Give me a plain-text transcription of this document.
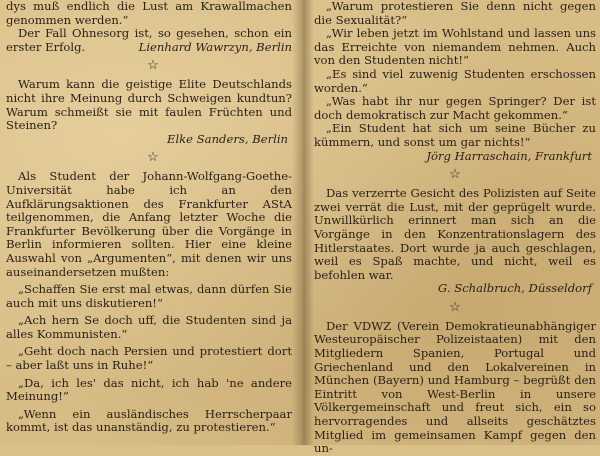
dys muß endlich die Lust am Krawallmachen genommen werden.“

Der Fall Ohnesorg ist, so gesehen, schon ein erster Erfolg.	Lienhard Wawrzyn, Berlin

☆

Warum kann die geistige Elite Deutschlands nicht ihre Meinung durch Schweigen kundtun? Warum schmeißt sie mit faulen Früchten und Steinen?

Elke Sanders, Berlin

☆

Als Student der Johann-Wolfgang-Goethe-Universität habe ich an den Aufklärungsaktionen des Frankfurter AStA teilgenommen, die Anfang letzter Woche die Frankfurter Bevölkerung über die Vorgänge in Berlin informieren sollten. Hier eine kleine Auswahl von „Argumenten“, mit denen wir uns auseinandersetzen mußten:

„Schaffen Sie erst mal etwas, dann dürfen Sie auch mit uns diskutieren!“

„Ach hern Se doch uff, die Studenten sind ja alles Kommunisten.“

„Geht doch nach Persien und protestiert dort – aber laßt uns in Ruhe!“

„Da, ich les' das nicht, ich hab 'ne andere Meinung!“

„Wenn ein ausländisches Herrscherpaar kommt, ist das unanständig, zu protestieren.“

„Warum protestieren Sie denn nicht gegen die Sexualität?“

„Wir leben jetzt im Wohlstand und lassen uns das Erreichte von niemandem nehmen. Auch von den Studenten nicht!“

„Es sind viel zuwenig Studenten erschossen worden.“

„Was habt ihr nur gegen Springer? Der ist doch demokratisch zur Macht gekommen.“

„Ein Student hat sich um seine Bücher zu kümmern, und sonst um gar nichts!“

Jörg Harraschain, Frankfurt

☆

Das verzerrte Gesicht des Polizisten auf Seite zwei verrät die Lust, mit der geprügelt wurde. Unwillkürlich erinnert man sich an die Vorgänge in den Konzentrationslagern des Hitlerstaates. Dort wurde ja auch geschlagen, weil es Spaß machte, und nicht, weil es befohlen war.

G. Schalbruch, Düsseldorf

☆

Der VDWZ (Verein Demokratieunabhängiger Westeuropäischer Polizeistaaten) mit den Mitgliedern Spanien, Portugal und Griechenland und den Lokalvereinen in München (Bayern) und Hamburg – begrüßt den Eintritt von West-Berlin in unsere Völkergemeinschaft und freut sich, ein so hervorragendes und allseits geschätztes Mitglied im gemeinsamen Kampf gegen den un-
